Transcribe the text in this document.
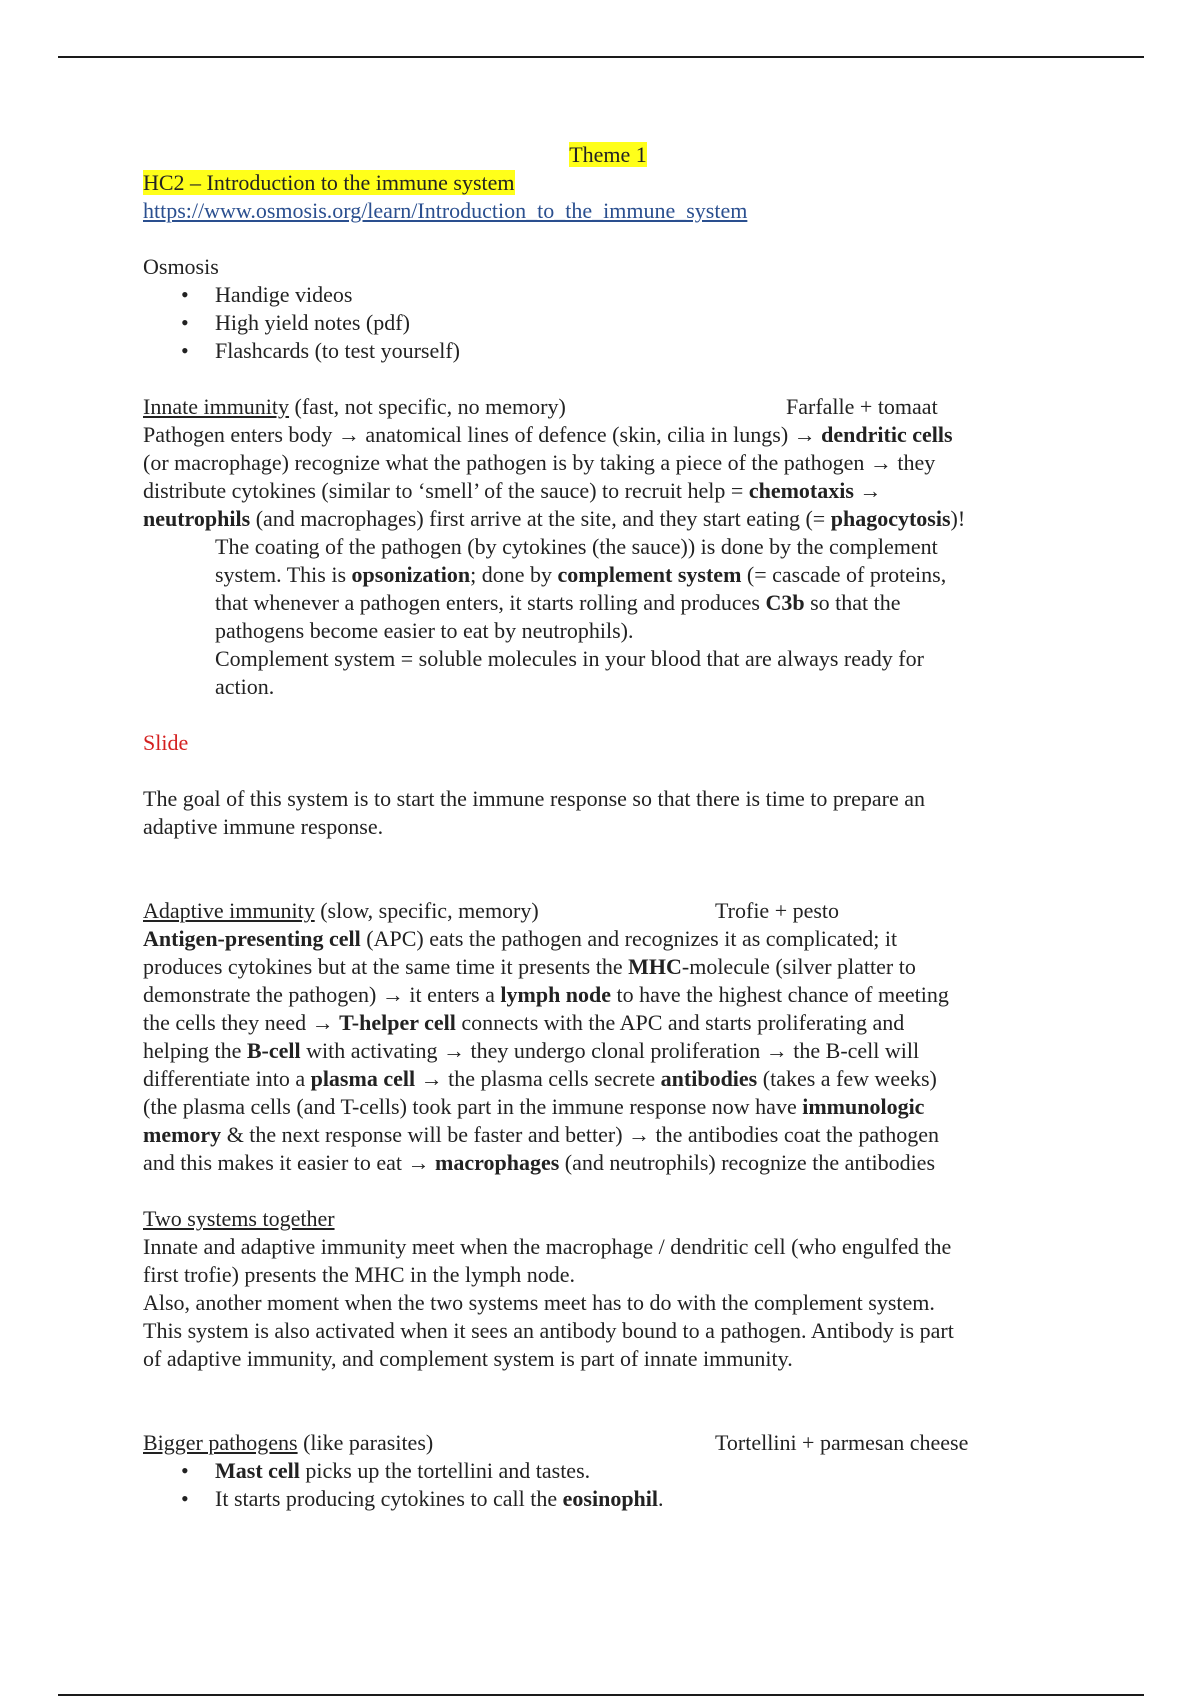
Theme 1
HC2 – Introduction to the immune system
https://www.osmosis.org/learn/Introduction_to_the_immune_system
Osmosis
• Handige videos
• High yield notes (pdf)
• Flashcards (to test yourself)
Innate immunity (fast, not specific, no memory)	Farfalle + tomaat
Pathogen enters body → anatomical lines of defence (skin, cilia in lungs) → dendritic cells
(or macrophage) recognize what the pathogen is by taking a piece of the pathogen → they
distribute cytokines (similar to ‘smell’ of the sauce) to recruit help = chemotaxis →
neutrophils (and macrophages) first arrive at the site, and they start eating (= phagocytosis)!
The coating of the pathogen (by cytokines (the sauce)) is done by the complement
system. This is opsonization; done by complement system (= cascade of proteins,
that whenever a pathogen enters, it starts rolling and produces C3b so that the
pathogens become easier to eat by neutrophils).
Complement system = soluble molecules in your blood that are always ready for
action.
Slide
The goal of this system is to start the immune response so that there is time to prepare an
adaptive immune response.
Adaptive immunity (slow, specific, memory)	Trofie + pesto
Antigen-presenting cell (APC) eats the pathogen and recognizes it as complicated; it
produces cytokines but at the same time it presents the MHC-molecule (silver platter to
demonstrate the pathogen) → it enters a lymph node to have the highest chance of meeting
the cells they need → T-helper cell connects with the APC and starts proliferating and
helping the B-cell with activating → they undergo clonal proliferation → the B-cell will
differentiate into a plasma cell → the plasma cells secrete antibodies (takes a few weeks)
(the plasma cells (and T-cells) took part in the immune response now have immunologic
memory & the next response will be faster and better) → the antibodies coat the pathogen
and this makes it easier to eat → macrophages (and neutrophils) recognize the antibodies
Two systems together
Innate and adaptive immunity meet when the macrophage / dendritic cell (who engulfed the
first trofie) presents the MHC in the lymph node.
Also, another moment when the two systems meet has to do with the complement system.
This system is also activated when it sees an antibody bound to a pathogen. Antibody is part
of adaptive immunity, and complement system is part of innate immunity.
Bigger pathogens (like parasites)	Tortellini + parmesan cheese
• Mast cell picks up the tortellini and tastes.
• It starts producing cytokines to call the eosinophil.
